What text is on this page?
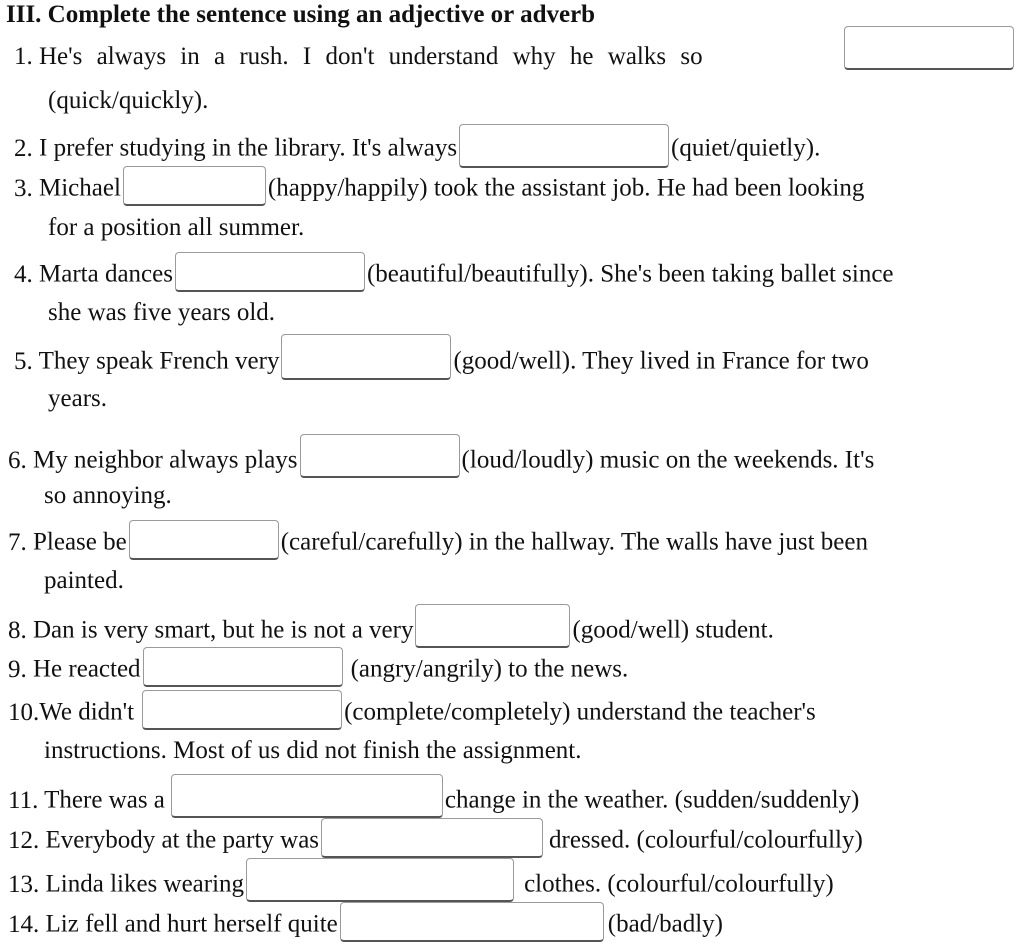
III. Complete the sentence using an adjective or adverb
1. He's always in a rush. I don't understand why he walks so
(quick/quickly).
2. I prefer studying in the library. It's always	(quiet/quietly).
3. Michael	(happy/happily) took the assistant job. He had been looking
for a position all summer.
4. Marta dances	(beautiful/beautifully). She's been taking ballet since
she was five years old.
5. They speak French very	(good/well). They lived in France for two
years.
6. My neighbor always plays	(loud/loudly) music on the weekends. It's
so annoying.
7. Please be	(careful/carefully) in the hallway. The walls have just been
painted.
8. Dan is very smart, but he is not a very	(good/well) student.
9. He reacted	(angry/angrily) to the news.
10.We didn't	(complete/completely) understand the teacher's
instructions. Most of us did not finish the assignment.
11. There was a	change in the weather. (sudden/suddenly)
12. Everybody at the party was	dressed. (colourful/colourfully)
13. Linda likes wearing	clothes. (colourful/colourfully)
14. Liz fell and hurt herself quite	(bad/badly)
